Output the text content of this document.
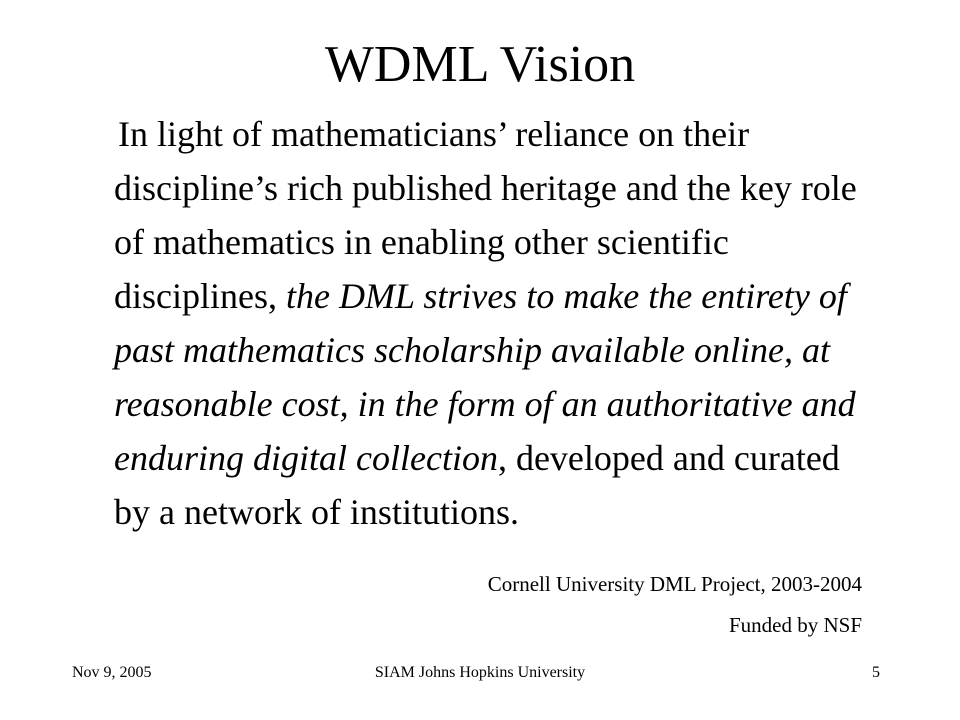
WDML Vision

In light of mathematicians’ reliance on their discipline’s rich published heritage and the key role of mathematics in enabling other scientific disciplines, the DML strives to make the entirety of past mathematics scholarship available online, at reasonable cost, in the form of an authoritative and enduring digital collection, developed and curated by a network of institutions.

Cornell University DML Project, 2003-2004

Funded by NSF

Nov 9, 2005	SIAM Johns Hopkins University	5
